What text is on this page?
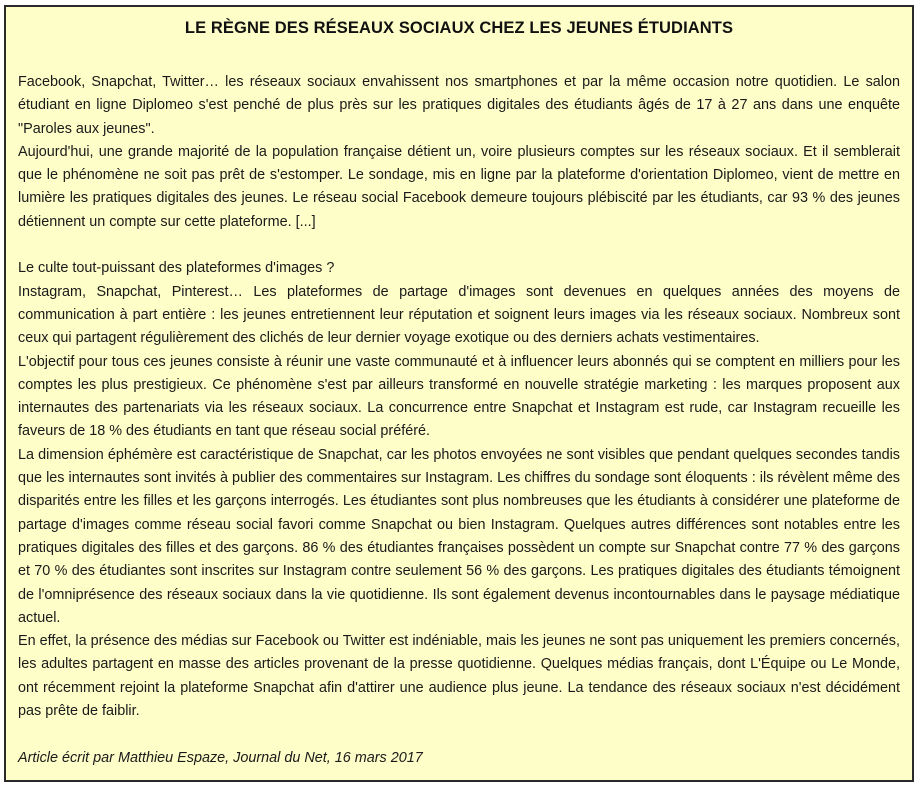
LE RÈGNE DES RÉSEAUX SOCIAUX CHEZ LES JEUNES ÉTUDIANTS

Facebook, Snapchat, Twitter… les réseaux sociaux envahissent nos smartphones et par la même occasion notre quotidien. Le salon étudiant en ligne Diplomeo s'est penché de plus près sur les pratiques digitales des étudiants âgés de 17 à 27 ans dans une enquête "Paroles aux jeunes".

Aujourd'hui, une grande majorité de la population française détient un, voire plusieurs comptes sur les réseaux sociaux. Et il semblerait que le phénomène ne soit pas prêt de s'estomper. Le sondage, mis en ligne par la plateforme d'orientation Diplomeo, vient de mettre en lumière les pratiques digitales des jeunes. Le réseau social Facebook demeure toujours plébiscité par les étudiants, car 93 % des jeunes détiennent un compte sur cette plateforme. [...]

Le culte tout-puissant des plateformes d'images ?

Instagram, Snapchat, Pinterest… Les plateformes de partage d'images sont devenues en quelques années des moyens de communication à part entière : les jeunes entretiennent leur réputation et soignent leurs images via les réseaux sociaux. Nombreux sont ceux qui partagent régulièrement des clichés de leur dernier voyage exotique ou des derniers achats vestimentaires.

L'objectif pour tous ces jeunes consiste à réunir une vaste communauté et à influencer leurs abonnés qui se comptent en milliers pour les comptes les plus prestigieux. Ce phénomène s'est par ailleurs transformé en nouvelle stratégie marketing : les marques proposent aux internautes des partenariats via les réseaux sociaux. La concurrence entre Snapchat et Instagram est rude, car Instagram recueille les faveurs de 18 % des étudiants en tant que réseau social préféré.

La dimension éphémère est caractéristique de Snapchat, car les photos envoyées ne sont visibles que pendant quelques secondes tandis que les internautes sont invités à publier des commentaires sur Instagram. Les chiffres du sondage sont éloquents : ils révèlent même des disparités entre les filles et les garçons interrogés. Les étudiantes sont plus nombreuses que les étudiants à considérer une plateforme de partage d'images comme réseau social favori comme Snapchat ou bien Instagram. Quelques autres différences sont notables entre les pratiques digitales des filles et des garçons. 86 % des étudiantes françaises possèdent un compte sur Snapchat contre 77 % des garçons et 70 % des étudiantes sont inscrites sur Instagram contre seulement 56 % des garçons. Les pratiques digitales des étudiants témoignent de l'omniprésence des réseaux sociaux dans la vie quotidienne. Ils sont également devenus incontournables dans le paysage médiatique actuel.

En effet, la présence des médias sur Facebook ou Twitter est indéniable, mais les jeunes ne sont pas uniquement les premiers concernés, les adultes partagent en masse des articles provenant de la presse quotidienne. Quelques médias français, dont L'Équipe ou Le Monde, ont récemment rejoint la plateforme Snapchat afin d'attirer une audience plus jeune. La tendance des réseaux sociaux n'est décidément pas prête de faiblir.

Article écrit par Matthieu Espaze, Journal du Net, 16 mars 2017
